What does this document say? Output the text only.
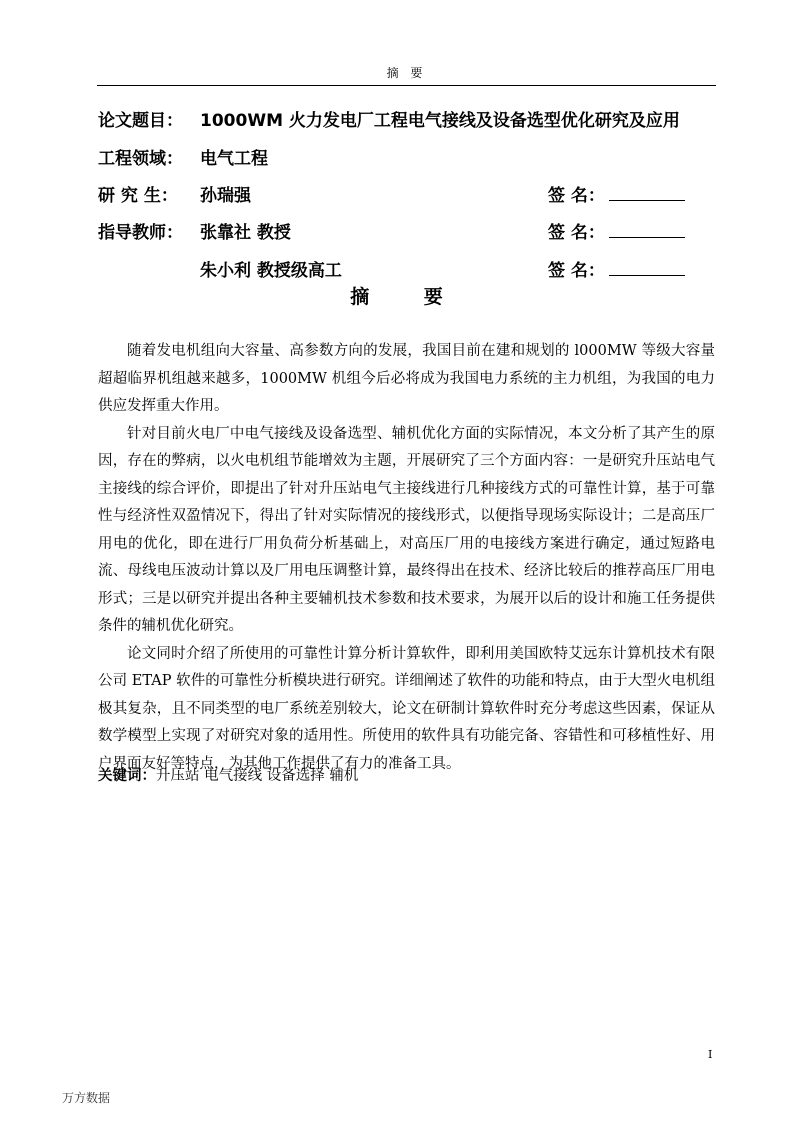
摘 要
论文题目： 1000WM 火力发电厂工程电气接线及设备选型优化研究及应用
工程领域： 电气工程
研 究 生： 孙瑞强	签 名：
指导教师： 张靠社 教授	签 名：
朱小利 教授级高工	签 名：
摘 要

随着发电机组向大容量、高参数方向的发展，我国目前在建和规划的 l000MW 等级大容量超超临界机组越来越多，1000MW 机组今后必将成为我国电力系统的主力机组，为我国的电力供应发挥重大作用。

针对目前火电厂中电气接线及设备选型、辅机优化方面的实际情况，本文分析了其产生的原因，存在的弊病，以火电机组节能增效为主题，开展研究了三个方面内容：一是研究升压站电气主接线的综合评价，即提出了针对升压站电气主接线进行几种接线方式的可靠性计算，基于可靠性与经济性双盈情况下，得出了针对实际情况的接线形式，以便指导现场实际设计；二是高压厂用电的优化，即在进行厂用负荷分析基础上，对高压厂用的电接线方案进行确定，通过短路电流、母线电压波动计算以及厂用电压调整计算，最终得出在技术、经济比较后的推荐高压厂用电形式；三是以研究并提出各种主要辅机技术参数和技术要求，为展开以后的设计和施工任务提供条件的辅机优化研究。

论文同时介绍了所使用的可靠性计算分析计算软件，即利用美国欧特艾远东计算机技术有限公司 ETAP 软件的可靠性分析模块进行研究。详细阐述了软件的功能和特点，由于大型火电机组极其复杂，且不同类型的电厂系统差别较大，论文在研制计算软件时充分考虑这些因素，保证从数学模型上实现了对研究对象的适用性。所使用的软件具有功能完备、容错性和可移植性好、用户界面友好等特点，为其他工作提供了有力的准备工具。

关键词：升压站 电气接线 设备选择 辅机
I
万方数据
